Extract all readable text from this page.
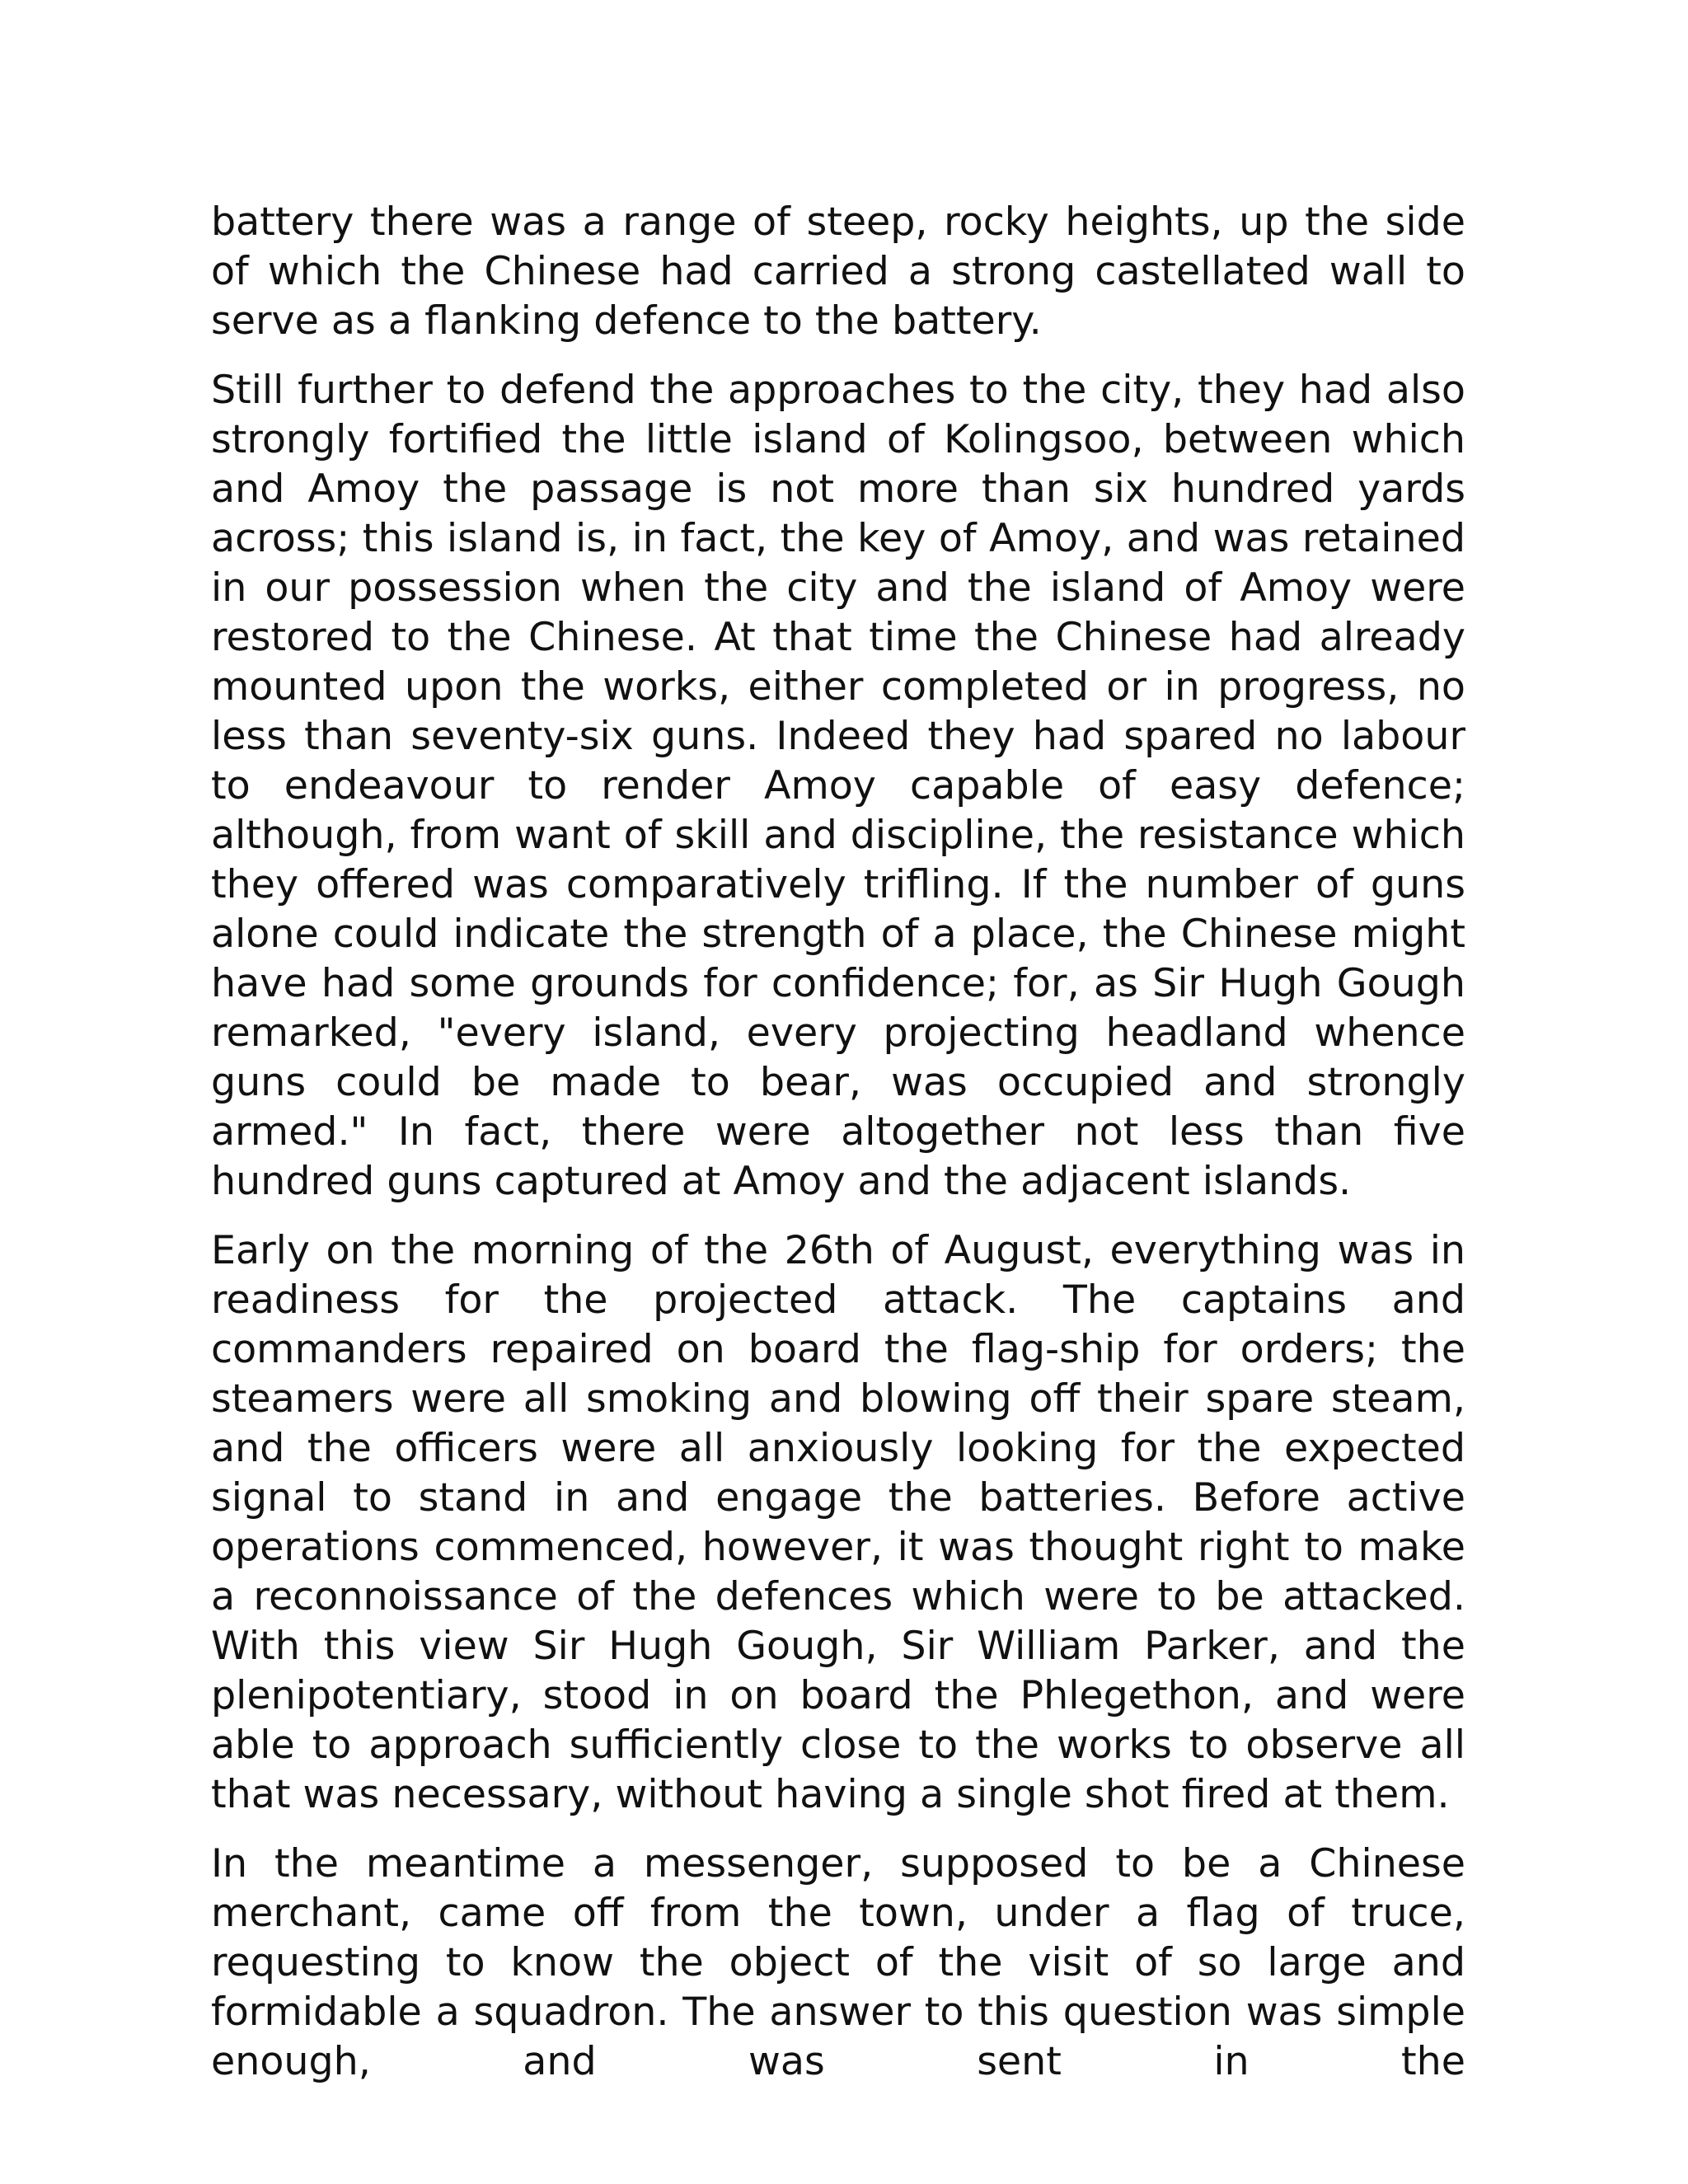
battery there was a range of steep, rocky heights, up the side of which the Chinese had carried a strong castellated wall to serve as a flanking defence to the battery.

Still further to defend the approaches to the city, they had also strongly fortified the little island of Kolingsoo, between which and Amoy the passage is not more than six hundred yards across; this island is, in fact, the key of Amoy, and was retained in our possession when the city and the island of Amoy were restored to the Chinese. At that time the Chinese had already mounted upon the works, either completed or in progress, no less than seventy-six guns. Indeed they had spared no labour to endeavour to render Amoy capable of easy defence; although, from want of skill and discipline, the resistance which they offered was comparatively trifling. If the number of guns alone could indicate the strength of a place, the Chinese might have had some grounds for confidence; for, as Sir Hugh Gough remarked, "every island, every projecting headland whence guns could be made to bear, was occupied and strongly armed." In fact, there were altogether not less than five hundred guns captured at Amoy and the adjacent islands.

Early on the morning of the 26th of August, everything was in readiness for the projected attack. The captains and commanders repaired on board the flag-ship for orders; the steamers were all smoking and blowing off their spare steam, and the officers were all anxiously looking for the expected signal to stand in and engage the batteries. Before active operations commenced, however, it was thought right to make a reconnoissance of the defences which were to be attacked. With this view Sir Hugh Gough, Sir William Parker, and the plenipotentiary, stood in on board the Phlegethon, and were able to approach sufficiently close to the works to observe all that was necessary, without having a single shot fired at them.

In the meantime a messenger, supposed to be a Chinese merchant, came off from the town, under a flag of truce, requesting to know the object of the visit of so large and formidable a squadron. The answer to this question was simple enough, and was sent in the
